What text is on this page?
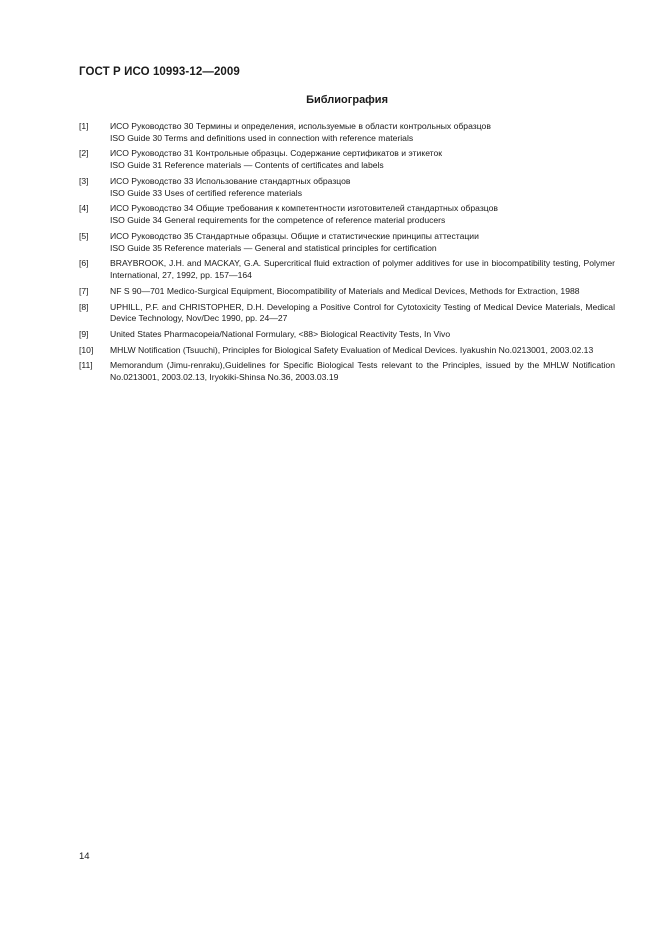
ГОСТ Р ИСО 10993-12—2009
Библиография
[1]	ИСО Руководство 30 Термины и определения, используемые в области контрольных образцов
ISO Guide 30 Terms and definitions used in connection with reference materials
[2]	ИСО Руководство 31 Контрольные образцы. Содержание сертификатов и этикеток
ISO Guide 31 Reference materials — Contents of certificates and labels
[3]	ИСО Руководство 33 Использование стандартных образцов
ISO Guide 33 Uses of certified reference materials
[4]	ИСО Руководство 34 Общие требования к компетентности изготовителей стандартных образцов
ISO Guide 34 General requirements for the competence of reference material producers
[5]	ИСО Руководство 35 Стандартные образцы. Общие и статистические принципы аттестации
ISO Guide 35 Reference materials — General and statistical principles for certification
[6]	BRAYBROOK, J.H. and MACKAY, G.A. Supercritical fluid extraction of polymer additives for use in biocompatibility testing, Polymer International, 27, 1992, pp. 157—164
[7]	NF S 90—701 Medico-Surgical Equipment, Biocompatibility of Materials and Medical Devices, Methods for Extraction, 1988
[8]	UPHILL, P.F. and CHRISTOPHER, D.H. Developing a Positive Control for Cytotoxicity Testing of Medical Device Materials, Medical Device Technology, Nov/Dec 1990, pp. 24—27
[9]	United States Pharmacopeia/National Formulary, <88> Biological Reactivity Tests, In Vivo
[10]	MHLW Notification (Tsuuchi), Principles for Biological Safety Evaluation of Medical Devices. Iyakushin No.0213001, 2003.02.13
[11]	Memorandum (Jimu-renraku),Guidelines for Specific Biological Tests relevant to the Principles, issued by the MHLW Notification No.0213001, 2003.02.13, Iryokiki-Shinsa No.36, 2003.03.19
14
